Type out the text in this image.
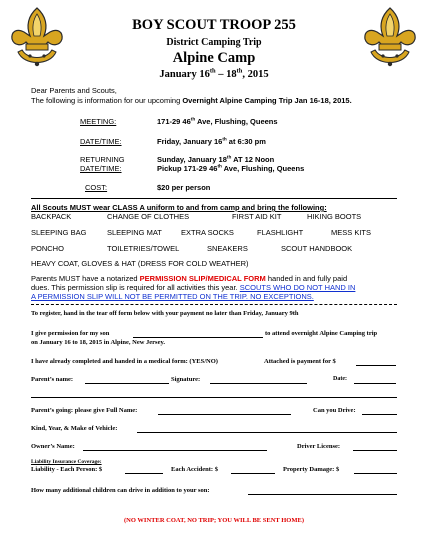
BOY SCOUT TROOP 255
District Camping Trip
Alpine Camp
January 16th – 18th, 2015
Dear Parents and Scouts,
The following is information for our upcoming Overnight Alpine Camping Trip Jan 16-18, 2015.
MEETING:	171-29 46th Ave, Flushing, Queens
DATE/TIME:	Friday, January 16th at 6:30 pm
RETURNING
DATE/TIME:
Sunday, January 18th AT 12 Noon
Pickup 171-29 46th Ave, Flushing, Queens
COST:	$20 per person
All Scouts MUST wear CLASS A uniform to and from camp and bring the following:
BACKPACK	CHANGE OF CLOTHES	FIRST AID KIT	HIKING BOOTS
SLEEPING BAG	SLEEPING MAT	EXTRA SOCKS	FLASHLIGHT	MESS KITS
PONCHO	TOILETRIES/TOWEL	SNEAKERS	SCOUT HANDBOOK
HEAVY COAT, GLOVES & HAT (DRESS FOR COLD WEATHER)
Parents MUST have a notarized PERMISSION SLIP/MEDICAL FORM handed in and fully paid
dues. This permission slip is required for all activities this year. SCOUTS WHO DO NOT HAND IN
A PERMISSION SLIP WILL NOT BE PERMITTED ON THE TRIP. NO EXCEPTIONS.
To register, hand in the tear off form below with your payment no later than Friday, January 9th
I give permission for my son	to attend overnight Alpine Camping trip
on January 16 to 18, 2015 in Alpine, New Jersey.
I have already completed and handed in a medical form: (YES/NO)	Attached is payment for $
Parent’s name:	Signature:	Date:
Parent’s going: please give Full Name:	Can you Drive:
Kind, Year, & Make of Vehicle:
Owner’s Name:	Driver License:
Liability Insurance Coverage:
Liability - Each Person: $	Each Accident: $	Property Damage: $
How many additional children can drive in addition to your son:
(NO WINTER COAT, NO TRIP; YOU WILL BE SENT HOME)
